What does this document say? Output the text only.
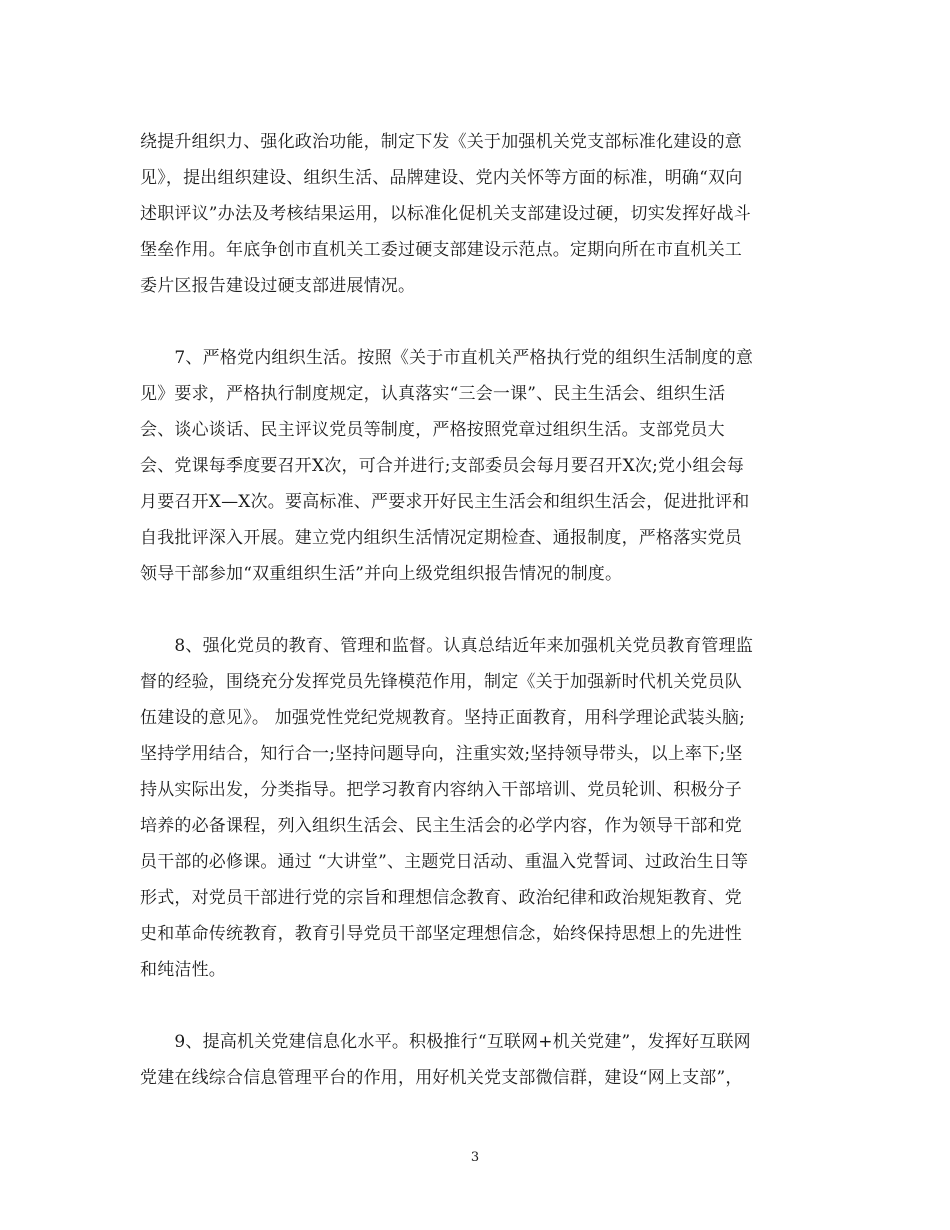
绕提升组织力、强化政治功能，制定下发《关于加强机关党支部标准化建设的意
见》，提出组织建设、组织生活、品牌建设、党内关怀等方面的标准，明确“双向
述职评议”办法及考核结果运用，以标准化促机关支部建设过硬，切实发挥好战斗
堡垒作用。年底争创市直机关工委过硬支部建设示范点。定期向所在市直机关工
委片区报告建设过硬支部进展情况。

　　7、严格党内组织生活。按照《关于市直机关严格执行党的组织生活制度的意
见》要求，严格执行制度规定，认真落实“三会一课”、民主生活会、组织生活
会、谈心谈话、民主评议党员等制度，严格按照党章过组织生活。支部党员大
会、党课每季度要召开X次，可合并进行;支部委员会每月要召开X次;党小组会每
月要召开X—X次。要高标准、严要求开好民主生活会和组织生活会，促进批评和
自我批评深入开展。建立党内组织生活情况定期检查、通报制度，严格落实党员
领导干部参加“双重组织生活”并向上级党组织报告情况的制度。

　　8、强化党员的教育、管理和监督。认真总结近年来加强机关党员教育管理监
督的经验，围绕充分发挥党员先锋模范作用，制定《关于加强新时代机关党员队
伍建设的意见》。 加强党性党纪党规教育。坚持正面教育，用科学理论武装头脑;
坚持学用结合，知行合一;坚持问题导向，注重实效;坚持领导带头，以上率下;坚
持从实际出发，分类指导。把学习教育内容纳入干部培训、党员轮训、积极分子
培养的必备课程，列入组织生活会、民主生活会的必学内容，作为领导干部和党
员干部的必修课。通过 “大讲堂”、主题党日活动、重温入党誓词、过政治生日等
形式，对党员干部进行党的宗旨和理想信念教育、政治纪律和政治规矩教育、党
史和革命传统教育，教育引导党员干部坚定理想信念，始终保持思想上的先进性
和纯洁性。

　　9、提高机关党建信息化水平。积极推行“互联网+机关党建”，发挥好互联网
党建在线综合信息管理平台的作用，用好机关党支部微信群，建设“网上支部”，

3
